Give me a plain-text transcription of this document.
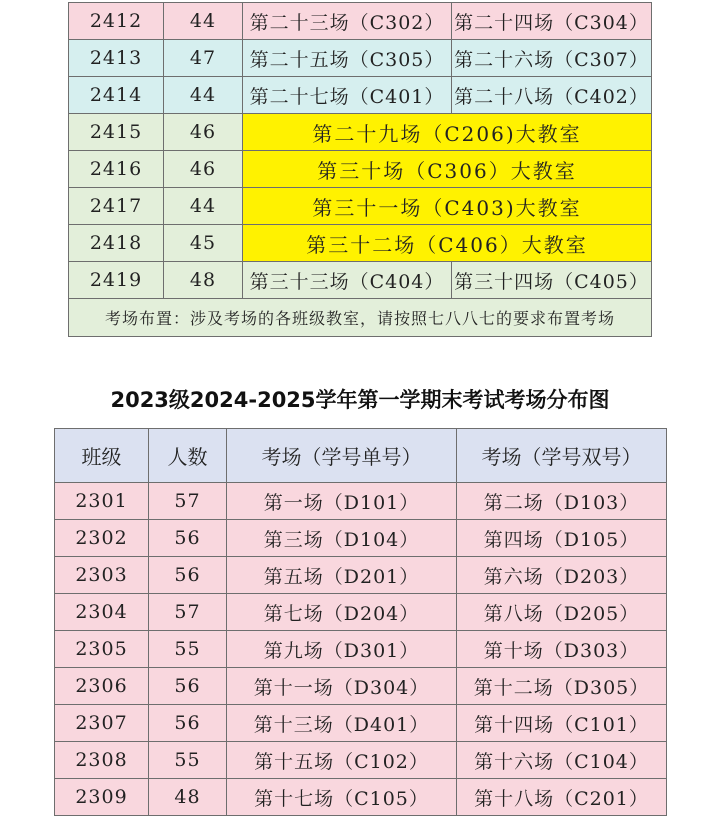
2412	44	第二十三场（C302）	第二十四场（C304）
2413	47	第二十五场（C305）	第二十六场（C307）
2414	44	第二十七场（C401）	第二十八场（C402）
2415	46	第二十九场（C206)大教室	
2416	46	第三十场（C306）大教室	
2417	44	第三十一场（C403)大教室	
2418	45	第三十二场（C406）大教室	
2419	48	第三十三场（C404）	第三十四场（C405）
考场布置：涉及考场的各班级教室，请按照七八八七的要求布置考场			
2023级2024-2025学年第一学期末考试考场分布图
班级	人数	考场（学号单号）	考场（学号双号）
2301	57	第一场（D101）	第二场（D103）
2302	56	第三场（D104）	第四场（D105）
2303	56	第五场（D201）	第六场（D203）
2304	57	第七场（D204）	第八场（D205）
2305	55	第九场（D301）	第十场（D303）
2306	56	第十一场（D304）	第十二场（D305）
2307	56	第十三场（D401）	第十四场（C101）
2308	55	第十五场（C102）	第十六场（C104）
2309	48	第十七场（C105）	第十八场（C201）
